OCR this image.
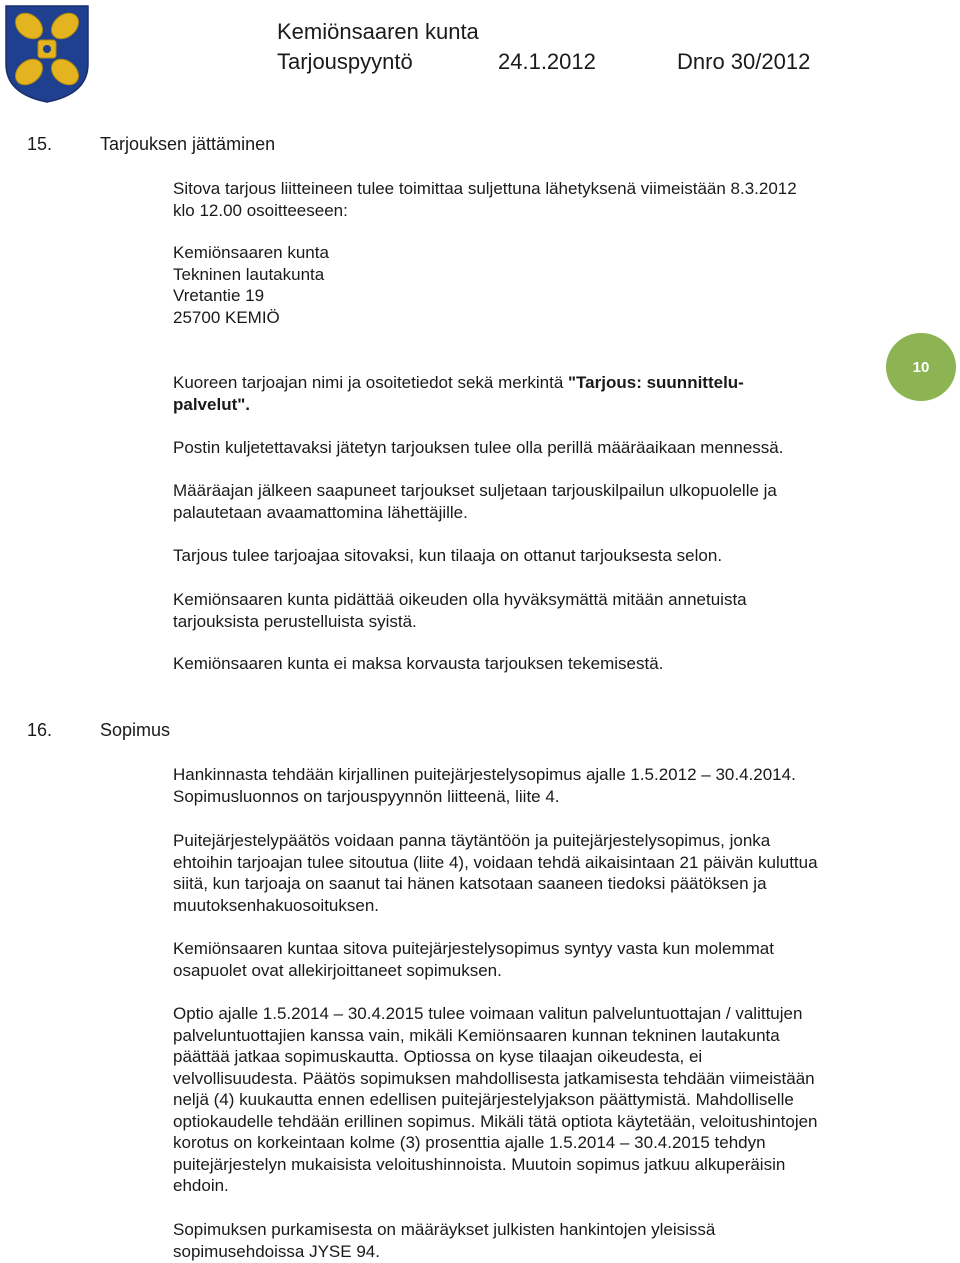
Kemiönsaaren kunta
Tarjouspyyntö	24.1.2012	Dnro 30/2012
10
15.	Tarjouksen jättäminen

Sitova tarjous liitteineen tulee toimittaa suljettuna lähetyksenä viimeistään 8.3.2012

klo 12.00 osoitteeseen:

Kemiönsaaren kunta

Tekninen lautakunta

Vretantie 19

25700 KEMIÖ

Kuoreen tarjoajan nimi ja osoitetiedot sekä merkintä "Tarjous: suunnittelu-

palvelut".

Postin kuljetettavaksi jätetyn tarjouksen tulee olla perillä määräaikaan mennessä.

Määräajan jälkeen saapuneet tarjoukset suljetaan tarjouskilpailun ulkopuolelle ja

palautetaan avaamattomina lähettäjille.

Tarjous tulee tarjoajaa sitovaksi, kun tilaaja on ottanut tarjouksesta selon.

Kemiönsaaren kunta pidättää oikeuden olla hyväksymättä mitään annetuista

tarjouksista perustelluista syistä.

Kemiönsaaren kunta ei maksa korvausta tarjouksen tekemisestä.

16.	Sopimus

Hankinnasta tehdään kirjallinen puitejärjestelysopimus ajalle 1.5.2012 – 30.4.2014.

Sopimusluonnos on tarjouspyynnön liitteenä, liite 4.

Puitejärjestelypäätös voidaan panna täytäntöön ja puitejärjestelysopimus, jonka

ehtoihin tarjoajan tulee sitoutua (liite 4), voidaan tehdä aikaisintaan 21 päivän kuluttua

siitä, kun tarjoaja on saanut tai hänen katsotaan saaneen tiedoksi päätöksen ja

muutoksenhakuosoituksen.

Kemiönsaaren kuntaa sitova puitejärjestelysopimus syntyy vasta kun molemmat

osapuolet ovat allekirjoittaneet sopimuksen.

Optio ajalle 1.5.2014 – 30.4.2015 tulee voimaan valitun palveluntuottajan / valittujen

palveluntuottajien kanssa vain, mikäli Kemiönsaaren kunnan tekninen lautakunta

päättää jatkaa sopimuskautta. Optiossa on kyse tilaajan oikeudesta, ei

velvollisuudesta. Päätös sopimuksen mahdollisesta jatkamisesta tehdään viimeistään

neljä (4) kuukautta ennen edellisen puitejärjestelyjakson päättymistä. Mahdolliselle

optiokaudelle tehdään erillinen sopimus. Mikäli tätä optiota käytetään, veloitushintojen

korotus on korkeintaan kolme (3) prosenttia ajalle 1.5.2014 – 30.4.2015 tehdyn

puitejärjestelyn mukaisista veloitushinnoista. Muutoin sopimus jatkuu alkuperäisin

ehdoin.

Sopimuksen purkamisesta on määräykset julkisten hankintojen yleisissä

sopimusehdoissa JYSE 94.
